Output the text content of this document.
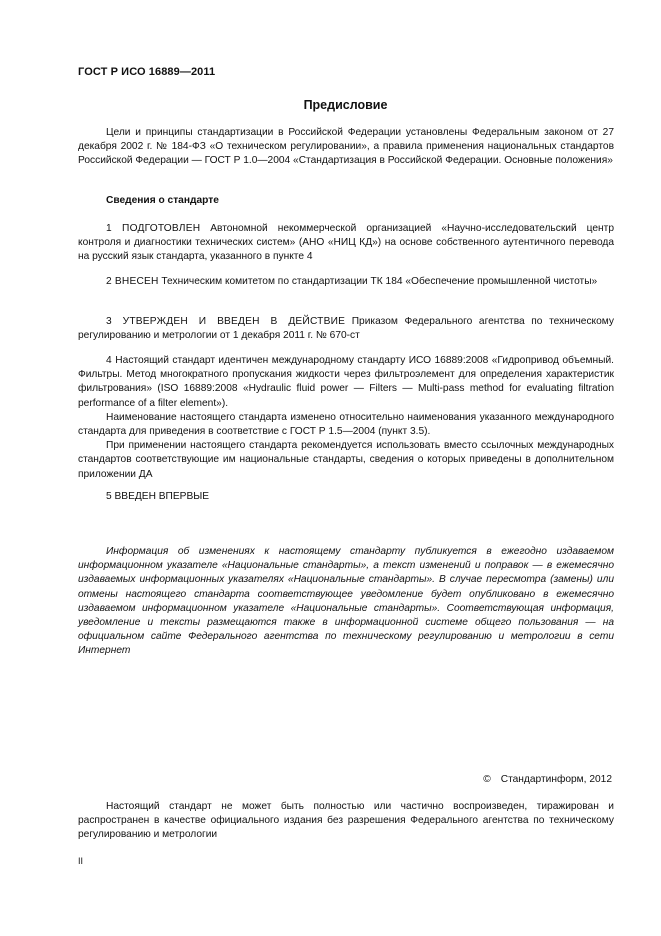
ГОСТ Р ИСО 16889—2011
Предисловие

Цели и принципы стандартизации в Российской Федерации установлены Федеральным законом от 27 декабря 2002 г. № 184-ФЗ «О техническом регулировании», а правила применения национальных стандартов Российской Федерации — ГОСТ Р 1.0—2004 «Стандартизация в Российской Федерации. Основные положения»

Сведения о стандарте

1 ПОДГОТОВЛЕН Автономной некоммерческой организацией «Научно-исследовательский центр контроля и диагностики технических систем» (АНО «НИЦ КД») на основе собственного аутентичного перевода на русский язык стандарта, указанного в пункте 4

2 ВНЕСЕН Техническим комитетом по стандартизации ТК 184 «Обеспечение промышленной чистоты»

3 УТВЕРЖДЕН И ВВЕДЕН В ДЕЙСТВИЕ Приказом Федерального агентства по техническому регулированию и метрологии от 1 декабря 2011 г. № 670-ст

4 Настоящий стандарт идентичен международному стандарту ИСО 16889:2008 «Гидропривод объемный. Фильтры. Метод многократного пропускания жидкости через фильтроэлемент для определения характеристик фильтрования» (ISO 16889:2008 «Hydraulic fluid power — Filters — Multi-pass method for evaluating filtration performance of a filter element»).

Наименование настоящего стандарта изменено относительно наименования указанного международного стандарта для приведения в соответствие с ГОСТ Р 1.5—2004 (пункт 3.5).

При применении настоящего стандарта рекомендуется использовать вместо ссылочных международных стандартов соответствующие им национальные стандарты, сведения о которых приведены в дополнительном приложении ДА

5 ВВЕДЕН ВПЕРВЫЕ

Информация об изменениях к настоящему стандарту публикуется в ежегодно издаваемом информационном указателе «Национальные стандарты», а текст изменений и поправок — в ежемесячно издаваемых информационных указателях «Национальные стандарты». В случае пересмотра (замены) или отмены настоящего стандарта соответствующее уведомление будет опубликовано в ежемесячно издаваемом информационном указателе «Национальные стандарты». Соответствующая информация, уведомление и тексты размещаются также в информационной системе общего пользования — на официальном сайте Федерального агентства по техническому регулированию и метрологии в сети Интернет

© Стандартинформ, 2012

Настоящий стандарт не может быть полностью или частично воспроизведен, тиражирован и распространен в качестве официального издания без разрешения Федерального агентства по техническому регулированию и метрологии

II
